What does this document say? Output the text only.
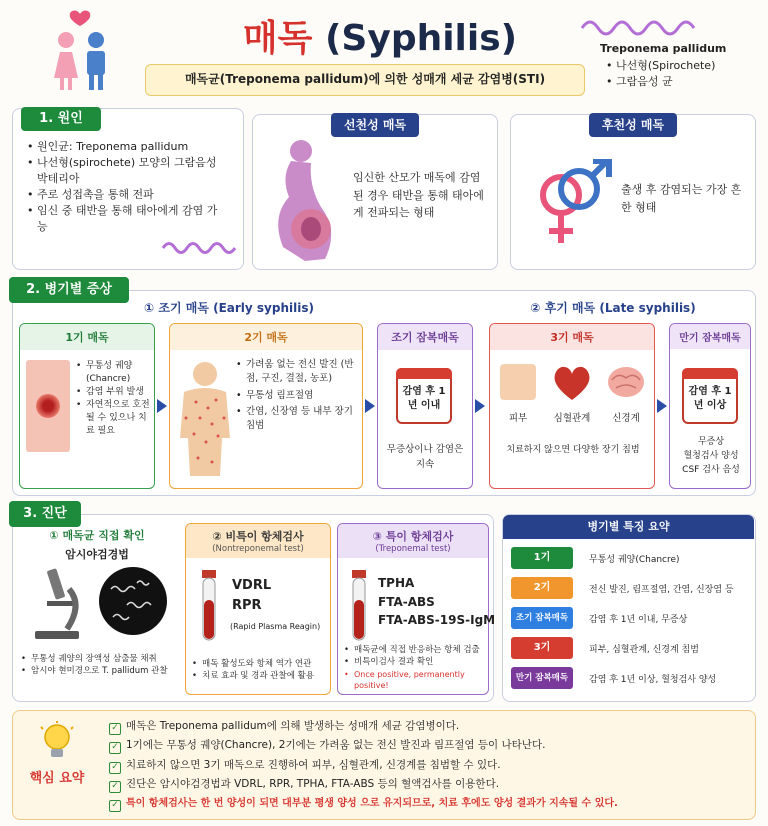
매독 (Syphilis)	Treponema pallidum
• 나선형(Spirochete)
• 그람음성 균
매독균(Treponema pallidum)에 의한 성매개 세균 감염병(STI)
1. 원인
• 원인균: Treponema pallidum
• 나선형(spirochete) 모양의 그람음성 박테리아
• 주로 성접촉을 통해 전파
• 임신 중 태반을 통해 태아에게 감염 가능
선천성 매독
임신한 산모가 매독에 감염된 경우 태반을 통해 태아에게 전파되는 형태
후천성 매독
출생 후 감염되는 가장 흔한 형태
2. 병기별 증상
① 조기 매독 (Early syphilis)	② 후기 매독 (Late syphilis)
1기 매독
• 무통성 궤양 (Chancre)
• 감염 부위 발생
• 자연적으로 호전될 수 있으나 치료 필요
2기 매독
• 가려움 없는 전신 발진 (반점, 구진, 결절, 농포)
• 무통성 림프절염
• 간염, 신장염 등 내부 장기 침범
조기 잠복매독
감염 후 1년 이내
무증상이나 감염은 지속
3기 매독
피부	심혈관계	신경계
치료하지 않으면 다양한 장기 침범
만기 잠복매독
감염 후 1년 이상
무증상
혈청검사 양성
CSF 검사 음성
3. 진단
① 매독균 직접 확인
암시야검경법
• 무통성 궤양의 장액성 삼출물 채취
• 암시야 현미경으로 T. pallidum 관찰
② 비특이 항체검사
(Nontreponemal test)
VDRL
RPR
(Rapid Plasma Reagin)
• 매독 활성도와 항체 역가 연관
• 치료 효과 및 경과 관찰에 활용
③ 특이 항체검사
(Treponemal test)
TPHA
FTA-ABS
FTA-ABS-19S-IgM
• 매독균에 직접 반응하는 항체 검출
• 비특이검사 결과 확인
• Once positive, permanently positive!
병기별 특징 요약
1기	무통성 궤양(Chancre)
2기	전신 발진, 림프절염, 간염, 신장염 등
조기 잠복매독	감염 후 1년 이내, 무증상
3기	피부, 심혈관계, 신경계 침범
만기 잠복매독	감염 후 1년 이상, 혈청검사 양성
핵심 요약
✓ 매독은 Treponema pallidum에 의해 발생하는 성매개 세균 감염병이다.
✓ 1기에는 무통성 궤양(Chancre), 2기에는 가려움 없는 전신 발진과 림프절염 등이 나타난다.
✓ 치료하지 않으면 3기 매독으로 진행하여 피부, 심혈관계, 신경계를 침범할 수 있다.
✓ 진단은 암시야검경법과 VDRL, RPR, TPHA, FTA-ABS 등의 혈액검사를 이용한다.
✓ 특이 항체검사는 한 번 양성이 되면 대부분 평생 양성 으로 유지되므로, 치료 후에도 양성 결과가 지속될 수 있다.
